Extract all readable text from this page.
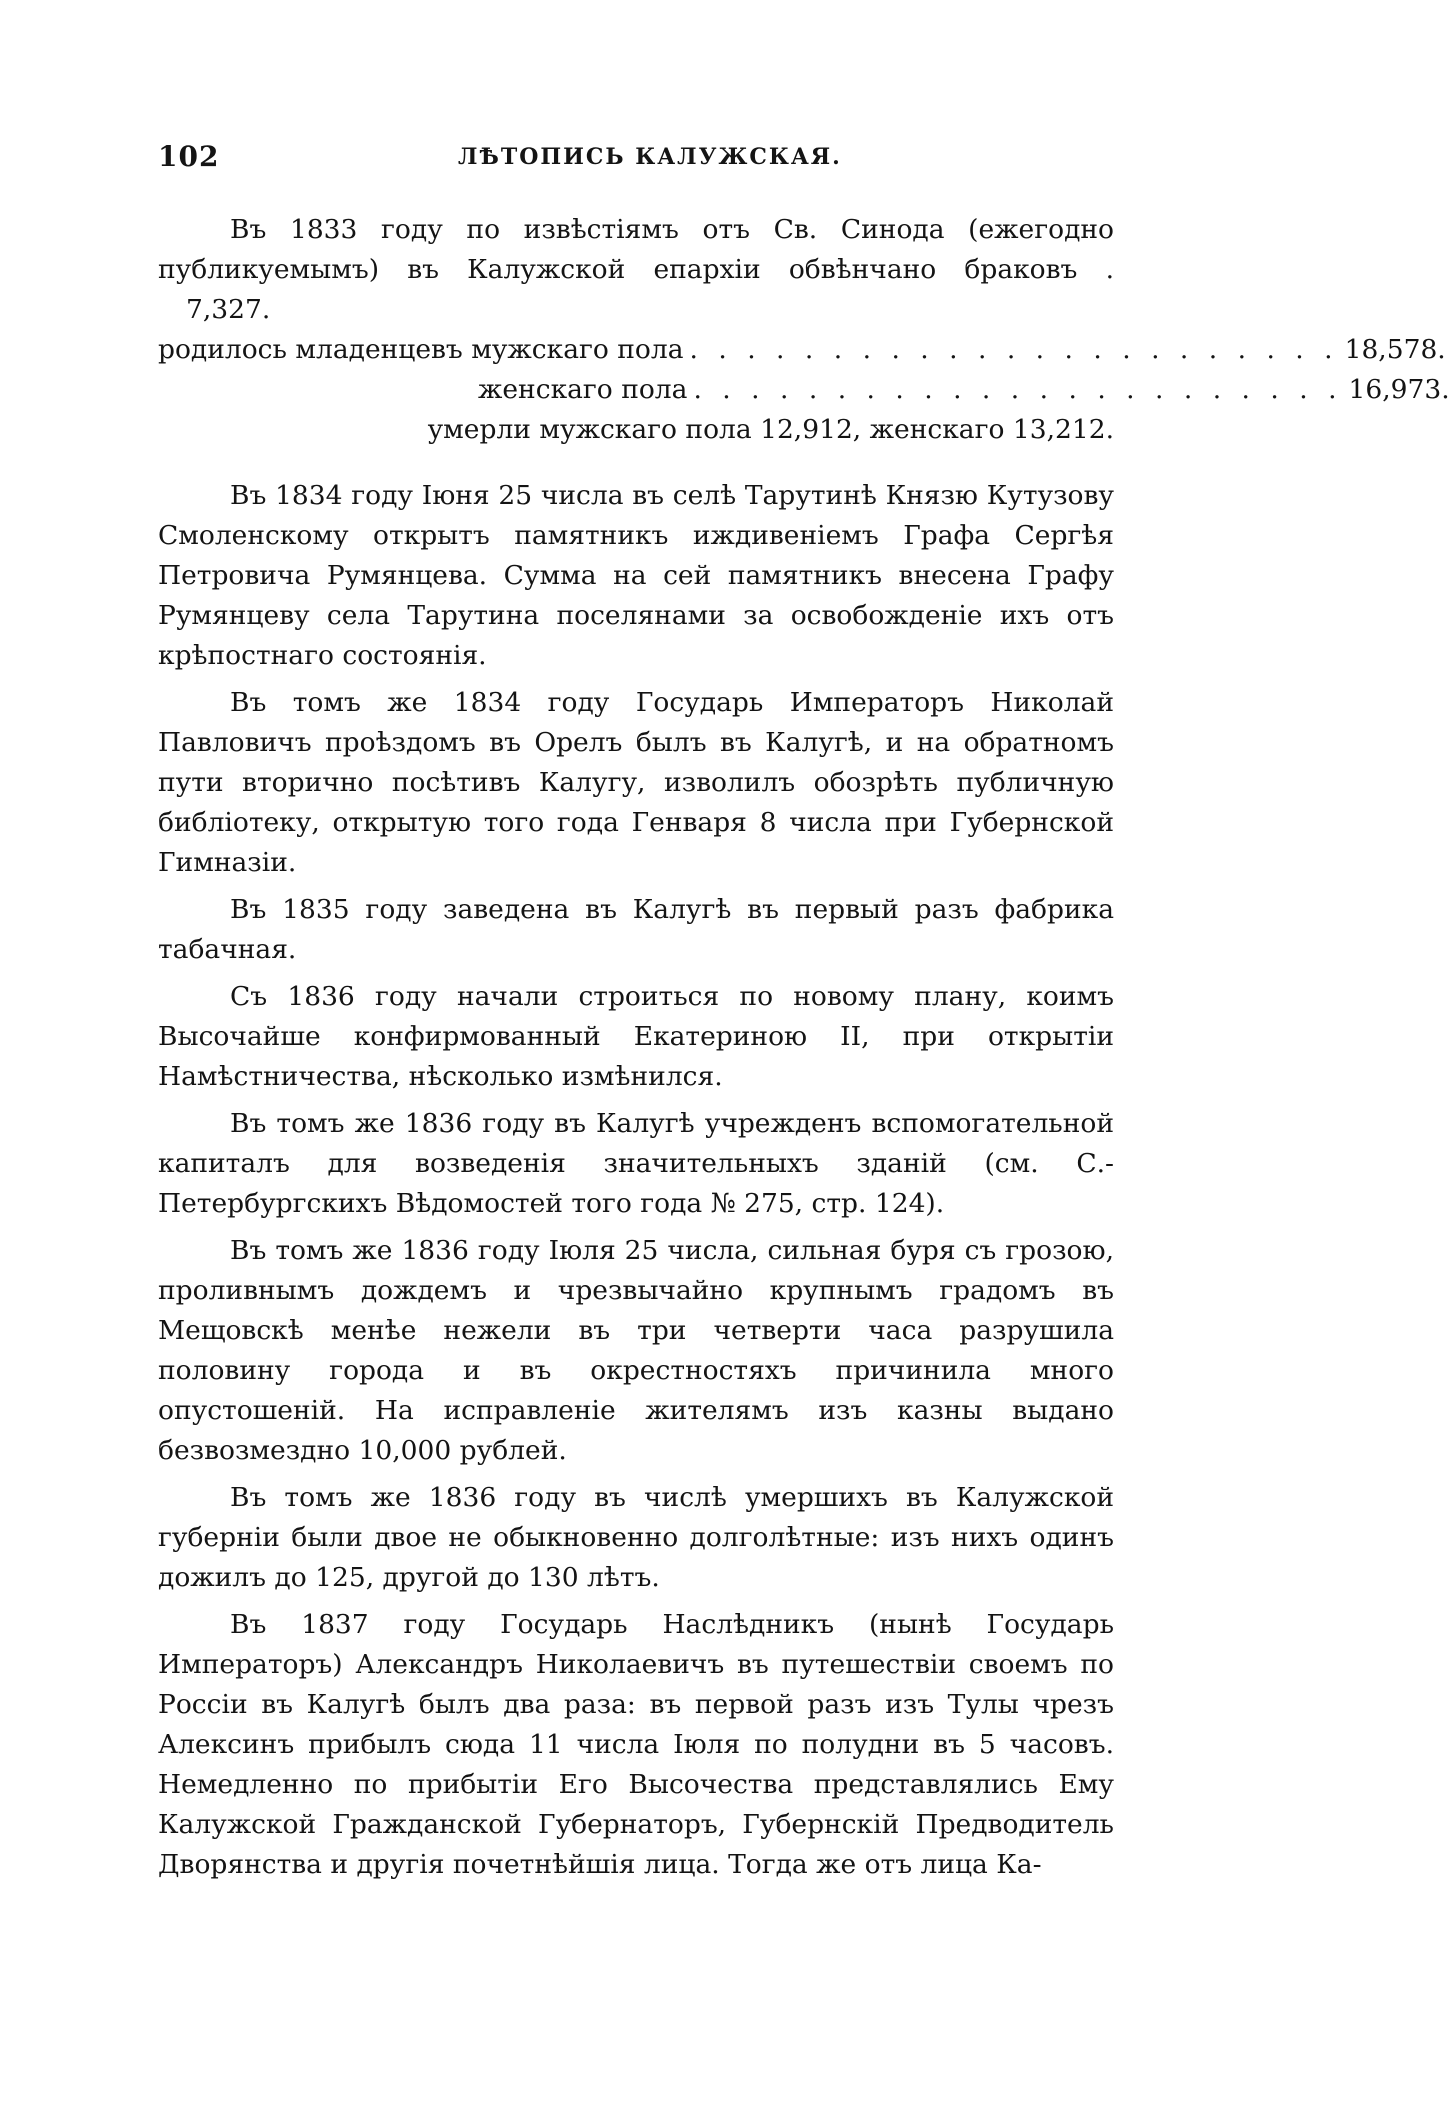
102	ЛѢТОПИСЬ КАЛУЖСКАЯ.

Въ 1833 году по извѣстіямъ отъ Св. Синода (ежегодно публикуемымъ) въ Калужской епархіи обвѣнчано браковъ . 7,327.

родилось младенцевъ мужскаго пола . . . . . . . . . . . . . . . . . . . . . . . 18,578.
женскаго пола . . . . . . . . . . . . . . . . . . . . . . . 16,973.
умерли мужскаго пола 12,912, женскаго 13,212.

Въ 1834 году Іюня 25 числа въ селѣ Тарутинѣ Князю Кутузову Смоленскому открытъ памятникъ иждивеніемъ Графа Сергѣя Петровича Румянцева. Сумма на сей памятникъ внесена Графу Румянцеву села Тарутина поселянами за освобожденіе ихъ отъ крѣпостнаго состоянія.

Въ томъ же 1834 году Государь Императоръ Николай Павловичъ проѣздомъ въ Орелъ былъ въ Калугѣ, и на обратномъ пути вторично посѣтивъ Калугу, изволилъ обозрѣть публичную библіотеку, открытую того года Генваря 8 числа при Губернской Гимназіи.

Въ 1835 году заведена въ Калугѣ въ первый разъ фабрика табачная.

Съ 1836 году начали строиться по новому плану, коимъ Высочайше конфирмованный Екатериною II, при открытіи Намѣстничества, нѣсколько измѣнился.

Въ томъ же 1836 году въ Калугѣ учрежденъ вспомогательной капиталъ для возведенія значительныхъ зданій (см. С.-Петербургскихъ Вѣдомостей того года № 275, стр. 124).

Въ томъ же 1836 году Іюля 25 числа, сильная буря съ грозою, проливнымъ дождемъ и чрезвычайно крупнымъ градомъ въ Мещовскѣ менѣе нежели въ три четверти часа разрушила половину города и въ окрестностяхъ причинила много опустошеній. На исправленіе жителямъ изъ казны выдано безвозмездно 10,000 рублей.

Въ томъ же 1836 году въ числѣ умершихъ въ Калужской губерніи были двое не обыкновенно долголѣтные: изъ нихъ одинъ дожилъ до 125, другой до 130 лѣтъ.

Въ 1837 году Государь Наслѣдникъ (нынѣ Государь Императоръ) Александръ Николаевичъ въ путешествіи своемъ по Россіи въ Калугѣ былъ два раза: въ первой разъ изъ Тулы чрезъ Алексинъ прибылъ сюда 11 числа Іюля по полудни въ 5 часовъ. Немедленно по прибытіи Его Высочества представлялись Ему Калужской Гражданской Губернаторъ, Губернскій Предводитель Дворянства и другія почетнѣйшія лица. Тогда же отъ лица Ка-
